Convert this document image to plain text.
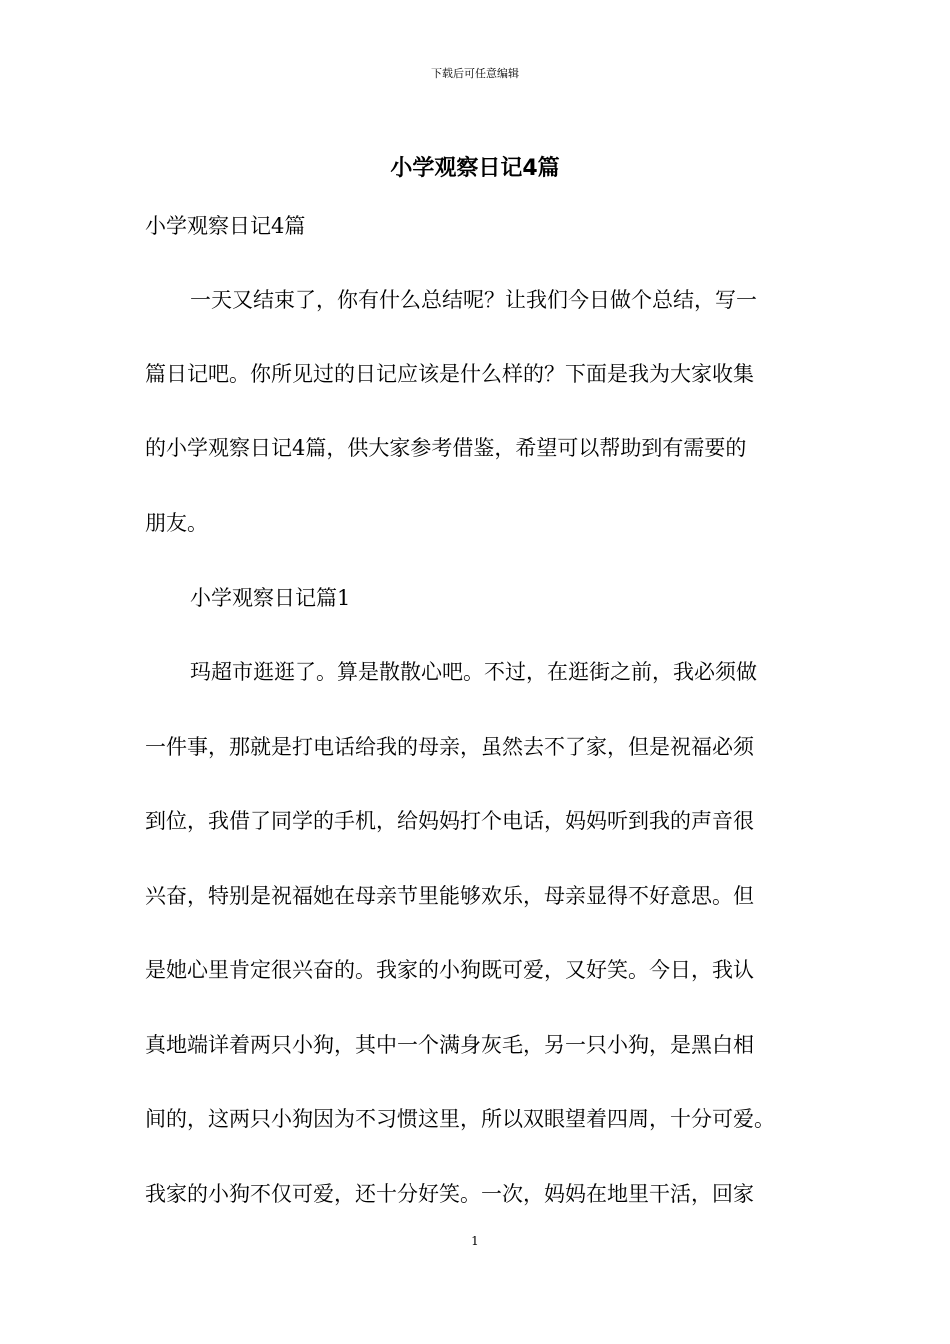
下载后可任意编辑
小学观察日记4篇
小学观察日记4篇
一天又结束了，你有什么总结呢？让我们今日做个总结，写一
篇日记吧。你所见过的日记应该是什么样的？下面是我为大家收集
的小学观察日记4篇，供大家参考借鉴，希望可以帮助到有需要的
朋友。
小学观察日记篇1
玛超市逛逛了。算是散散心吧。不过，在逛街之前，我必须做
一件事，那就是打电话给我的母亲，虽然去不了家，但是祝福必须
到位，我借了同学的手机，给妈妈打个电话，妈妈听到我的声音很
兴奋，特别是祝福她在母亲节里能够欢乐，母亲显得不好意思。但
是她心里肯定很兴奋的。我家的小狗既可爱，又好笑。今日，我认
真地端详着两只小狗，其中一个满身灰毛，另一只小狗，是黑白相
间的，这两只小狗因为不习惯这里，所以双眼望着四周，十分可爱。
我家的小狗不仅可爱，还十分好笑。一次，妈妈在地里干活，回家
1
